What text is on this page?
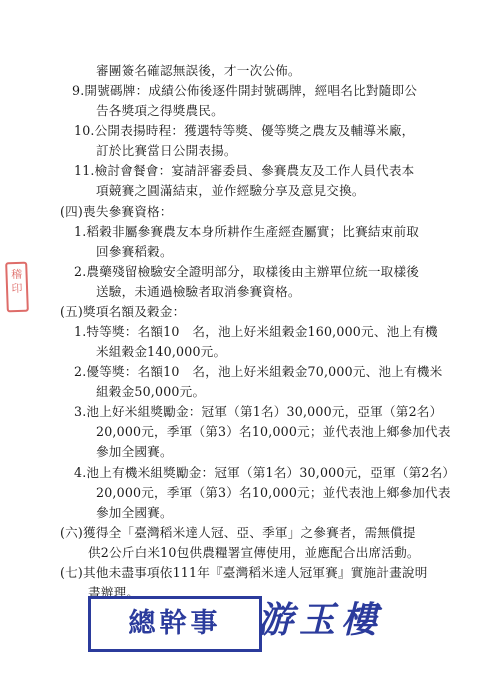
審團簽名確認無誤後，才一次公佈。
9.開號碼牌：成績公佈後逐件開封號碼牌，經唱名比對隨即公
告各獎項之得獎農民。
10.公開表揚時程：獲選特等獎、優等獎之農友及輔導米廠，
訂於比賽當日公開表揚。
11.檢討會餐會：宴請評審委員、參賽農友及工作人員代表本
項競賽之圓滿結束，並作經驗分享及意見交換。
(四)喪失參賽資格：
1.稻穀非屬參賽農友本身所耕作生產經查屬實；比賽結束前取
回參賽稻穀。
2.農藥殘留檢驗安全證明部分，取樣後由主辦單位統一取樣後
送驗，未通過檢驗者取消參賽資格。
(五)獎項名額及穀金：
1.特等獎：名額10　名，池上好米組穀金160,000元、池上有機
米組穀金140,000元。
2.優等獎：名額10　名，池上好米組穀金70,000元、池上有機米
組穀金50,000元。
3.池上好米組獎勵金：冠軍（第1名）30,000元，亞軍（第2名）
20,000元，季軍（第3）名10,000元；並代表池上鄉參加代表
參加全國賽。
4.池上有機米組獎勵金：冠軍（第1名）30,000元，亞軍（第2名）
20,000元，季軍（第3）名10,000元；並代表池上鄉參加代表
參加全國賽。
(六)獲得全「臺灣稻米達人冠、亞、季軍」之參賽者，需無償提
供2公斤白米10包供農糧署宣傳使用，並應配合出席活動。
(七)其他未盡事項依111年『臺灣稻米達人冠軍賽』實施計畫說明
書辦理。
稽印
總幹事 游玉樓
